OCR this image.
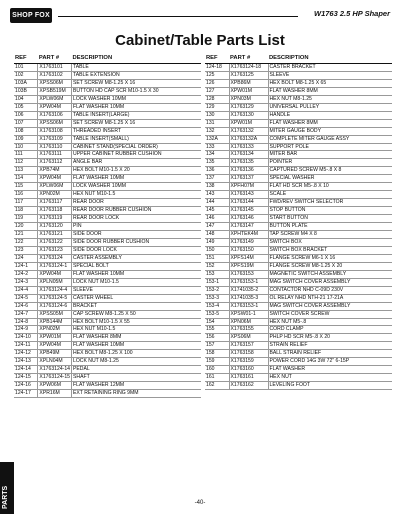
SHOP FOX	W1763 2.5 HP Shaper
Cabinet/Table Parts List
REF	PART #	DESCRIPTION
101	X1763101	TABLE
102	X1763102	TABLE EXTENSION
103A	XPSS06M	SET SCREW M8-1.25 X 16
103B	XPSB519M	BUTTON HD CAP SCR M10-1.5 X 30
104	XPLW06M	LOCK WASHER 10MM
105	XPW04M	FLAT WASHER 10MM
106	X1763106	TABLE INSERT(LARGE)
107	XPSS06M	SET SCREW M8-1.25 X 16
108	X1763108	THREADED INSERT
109	X1763109	TABLE INSERT(SMALL)
110	X1763110	CABINET STAND(SPECIAL ORDER)
111	X1763111	UPPER CABINET RUBBER CUSHION
112	X1763112	ANGLE BAR
113	XPB74M	HEX BOLT M10-1.5 X 20
114	XPW04M	FLAT WASHER 10MM
115	XPLW06M	LOCK WASHER 10MM
116	XPN02M	HEX NUT M10-1.5
117	X1763117	REAR DOOR
118	X1763118	REAR DOOR RUBBER CUSHION
119	X1763119	REAR DOOR LOCK
120	X1763120	PIN
121	X1763121	SIDE DOOR
122	X1763122	SIDE DOOR RUBBER CUSHION
123	X1763123	SIDE DOOR LOCK
124	X1763124	CASTER ASSEMBLY
124-1	X1763124-1	SPECIAL BOLT
124-2	XPW04M	FLAT WASHER 10MM
124-3	XPLN05M	LOCK NUT M10-1.5
124-4	X1763124-4	SLEEVE
124-5	X1763124-5	CASTER WHEEL
124-6	X1763124-6	BRACKET
124-7	XPSS05M	CAP SCREW M8-1.25 X 50
124-8	XPB144M	HEX BOLT M10-1.5 X 55
124-9	XPN02M	HEX NUT M10-1.5
124-10	XPW01M	FLAT WASHER 8MM
124-11	XPW04M	FLAT WASHER 10MM
124-12	XPB49M	HEX BOLT M8-1.25 X 100
124-13	XPLN04M	LOCK NUT M8-1.25
124-14	X1763124-14	PEDAL
124-15	X1763124-15	SHAFT
124-16	XPW06M	FLAT WASHER 12MM
124-17	XPR16M	EXT RETAINING RING 9MM
REF	PART #	DESCRIPTION
124-18	X1763124-18	CASTER BRACKET
125	X1763125	SLEEVE
126	XPB86M	HEX BOLT M8-1.25 X 65
127	XPW01M	FLAT WASHER 8MM
128	XPN03M	HEX NUT M8-1.25
129	X1763129	UNIVERSAL PULLEY
130	X1763130	HANDLE
131	XPW01M	FLAT WASHER 8MM
132	X1763132	MITER GAUGE BODY
132A	X1763132A	COMPLETE MITER GAUGE ASSY
133	X1763133	SUPPORT POLE
134	X1763134	MITER BAR
135	X1763135	POINTER
136	X1763136	CAPTURED SCREW M5-.8 X 8
137	X1763137	SPECIAL WASHER
138	XPFH07M	FLAT HD SCR M5-.8 X 10
143	X1763143	SCALE
144	X1763144	FWD/REV SWITCH SELECTOR
145	X1763145	STOP BUTTON
146	X1763146	START BUTTON
147	X1763147	BUTTON PLATE
148	XPHTEK4M	TAP SCREW M4 X 8
149	X1763149	SWITCH BOX
150	X1763150	SWITCH BOX BRACKET
151	XPFS14M	FLANGE SCREW M6-1 X 16
152	XPFS19M	FLANGE SCREW M8-1.25 X 20
153	X1763153	MAGNETIC SWITCH ASSEMBLY
153-1	X1763153-1	MAG SWITCH COVER ASSEMBLY
153-2	X1741035-2	CONTACTOR NHD C-09D 230V
153-3	X1741035-3	OL RELAY NHD NTH-21 17-21A
153-4	X1763153-1	MAG SWITCH COVER ASSEMBLY
153-5	XPSW01-1	SWITCH COVER SCREW
154	XPN06M	HEX NUT M5-.8
155	X1763155	CORD CLAMP
156	XPS06M	PHLP HD SCR M5-.8 X 20
157	X1763157	STRAIN RELIEF
158	X1763158	BALL STRAIN RELIEF
159	X1763159	POWER CORD 14G 3W 72" 6-15P
160	X1763160	FLAT WASHER
161	X1763161	HEX NUT
162	X1763162	LEVELING FOOT
PARTS	-40-
